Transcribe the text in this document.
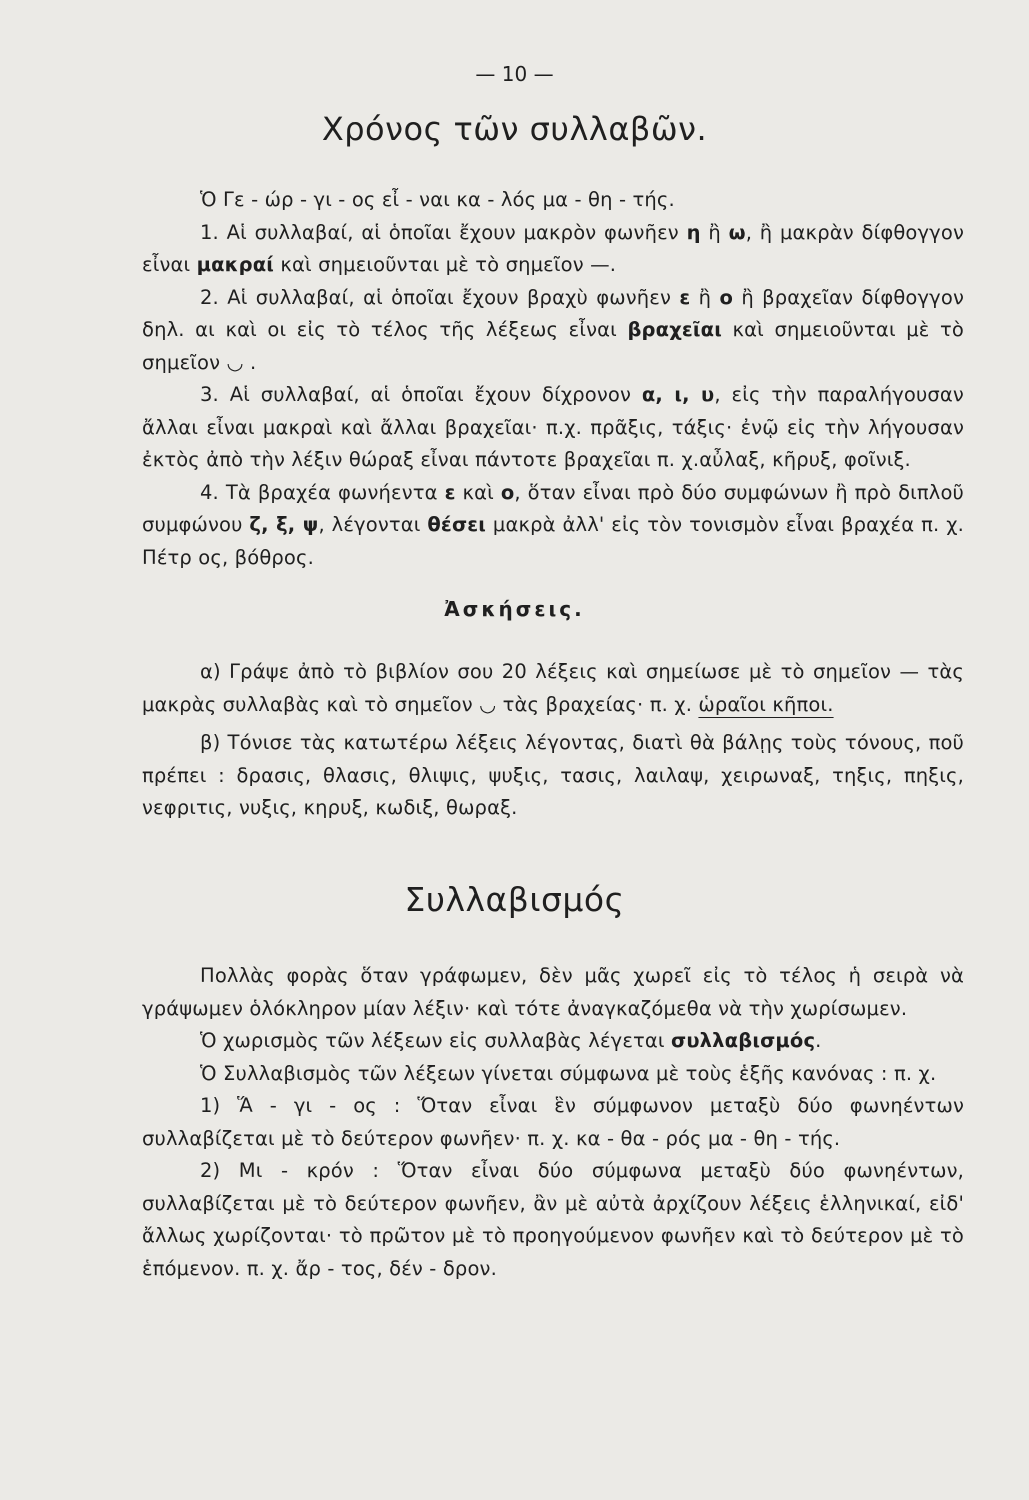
— 10 —
Χρόνος τῶν συλλαβῶν.

Ὁ Γε - ώρ - γι - ος εἶ - ναι κα - λός μα - θη - τής.

1. Αἱ συλλαβαί, αἱ ὁποῖαι ἔχουν μακρὸν φωνῆεν η ἢ ω, ἢ μακρὰν δίφθογγον εἶναι μακραί καὶ σημειοῦνται μὲ τὸ σημεῖον —.

2. Αἱ συλλαβαί, αἱ ὁποῖαι ἔχουν βραχὺ φωνῆεν ε ἢ ο ἢ βραχεῖαν δίφθογγον δηλ. αι καὶ οι εἰς τὸ τέλος τῆς λέξεως εἶναι βραχεῖαι καὶ σημειοῦνται μὲ τὸ σημεῖον ◡ .

3. Αἱ συλλαβαί, αἱ ὁποῖαι ἔχουν δίχρονον α, ι, υ, εἰς τὴν παραλήγουσαν ἄλλαι εἶναι μακραὶ καὶ ἄλλαι βραχεῖαι· π.χ. πρᾶξις, τάξις· ἐνῷ εἰς τὴν λήγουσαν ἐκτὸς ἀπὸ τὴν λέξιν θώραξ εἶναι πάντοτε βραχεῖαι π. χ.αὖλαξ, κῆρυξ, φοῖνιξ.

4. Τὰ βραχέα φωνήεντα ε καὶ ο, ὅταν εἶναι πρὸ δύο συμφώνων ἢ πρὸ διπλοῦ συμφώνου ζ, ξ, ψ, λέγονται θέσει μακρὰ ἀλλ' εἰς τὸν τονισμὸν εἶναι βραχέα π. χ. Πέτρ ος, βόθρος.

Ἀσκήσεις.

α) Γράψε ἀπὸ τὸ βιβλίον σου 20 λέξεις καὶ σημείωσε μὲ τὸ σημεῖον — τὰς μακρὰς συλλαβὰς καὶ τὸ σημεῖον ◡ τὰς βραχείας· π. χ. ὡραῖοι κῆποι.

β) Τόνισε τὰς κατωτέρω λέξεις λέγοντας, διατὶ θὰ βάλῃς τοὺς τόνους, ποῦ πρέπει : δρασις, θλασις, θλιψις, ψυξις, τασις, λαιλαψ, χειρωναξ, τηξις, πηξις, νεφριτις, νυξις, κηρυξ, κωδιξ, θωραξ.

Συλλαβισμός

Πολλὰς φορὰς ὅταν γράφωμεν, δὲν μᾶς χωρεῖ εἰς τὸ τέλος ἡ σειρὰ νὰ γράψωμεν ὁλόκληρον μίαν λέξιν· καὶ τότε ἀναγκαζόμεθα νὰ τὴν χωρίσωμεν.

Ὁ χωρισμὸς τῶν λέξεων εἰς συλλαβὰς λέγεται συλλαβισμός.

Ὁ Συλλαβισμὸς τῶν λέξεων γίνεται σύμφωνα μὲ τοὺς ἑξῆς κανόνας : π. χ.

1) Ἅ - γι - ος : Ὅταν εἶναι ἓν σύμφωνον μεταξὺ δύο φωνηέντων συλλαβίζεται μὲ τὸ δεύτερον φωνῆεν· π. χ. κα - θα - ρός μα - θη - τής.

2) Μι - κρόν : Ὅταν εἶναι δύο σύμφωνα μεταξὺ δύο φωνηέντων, συλλαβίζεται μὲ τὸ δεύτερον φωνῆεν, ἂν μὲ αὐτὰ ἀρχίζουν λέξεις ἑλληνικαί, εἰδ' ἄλλως χωρίζονται· τὸ πρῶτον μὲ τὸ προηγούμενον φωνῆεν καὶ τὸ δεύτερον μὲ τὸ ἑπόμενον. π. χ. ἄρ - τος, δέν - δρον.
